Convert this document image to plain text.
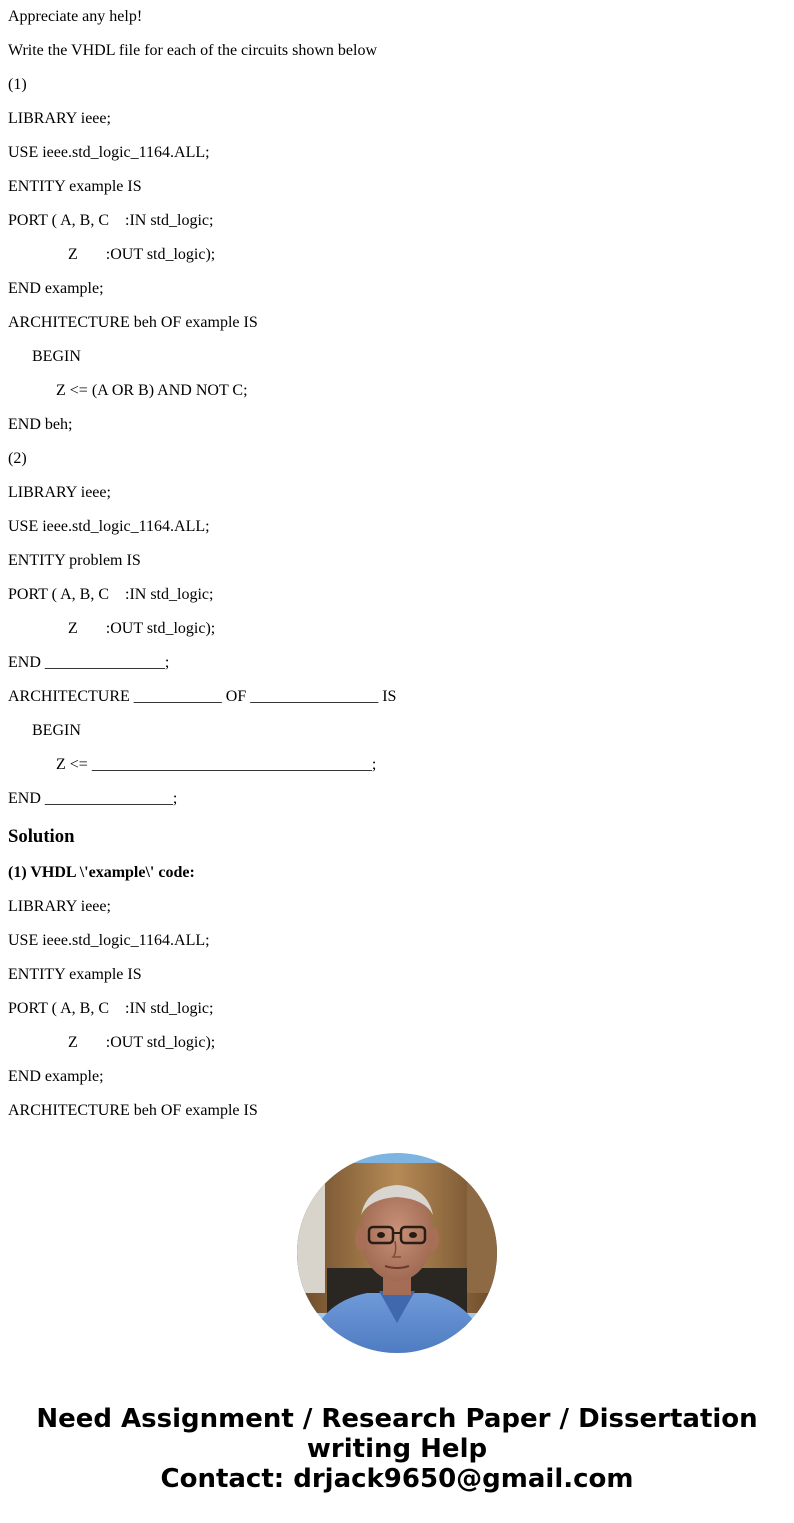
Appreciate any help!

Write the VHDL file for each of the circuits shown below

(1)

LIBRARY ieee;

USE ieee.std_logic_1164.ALL;

ENTITY example IS

PORT ( A, B, C    :IN std_logic;

Z       :OUT std_logic);

END example;

ARCHITECTURE beh OF example IS

BEGIN

Z <= (A OR B) AND NOT C;

END beh;

(2)

LIBRARY ieee;

USE ieee.std_logic_1164.ALL;

ENTITY problem IS

PORT ( A, B, C    :IN std_logic;

Z       :OUT std_logic);

END _______________;

ARCHITECTURE ___________ OF ________________ IS

BEGIN

Z <= ___________________________________;

END ________________;

Solution

(1) VHDL \'example\' code:

LIBRARY ieee;

USE ieee.std_logic_1164.ALL;

ENTITY example IS

PORT ( A, B, C    :IN std_logic;

Z       :OUT std_logic);

END example;

ARCHITECTURE beh OF example IS

Need Assignment / Research Paper / Dissertation
writing Help
Contact: drjack9650@gmail.com
